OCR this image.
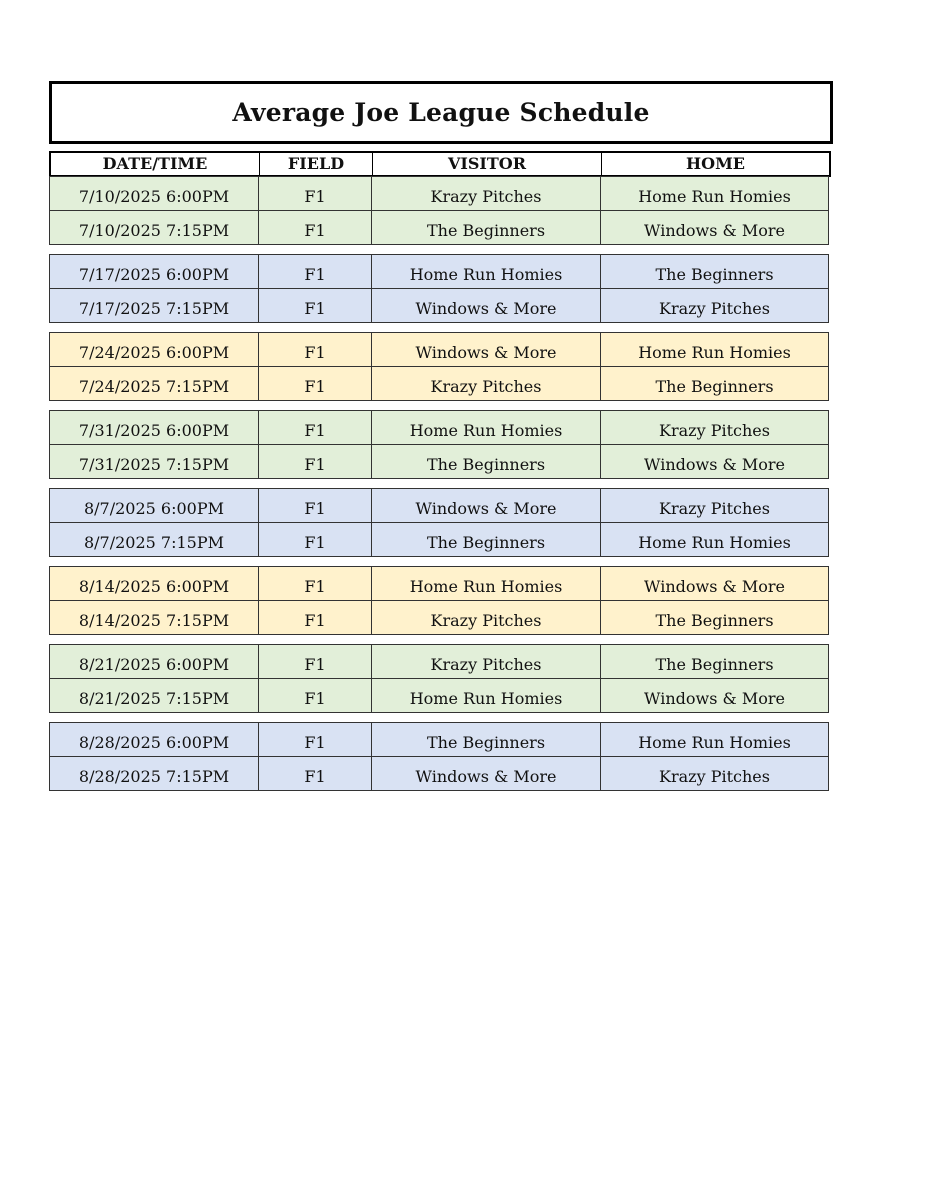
Average Joe League Schedule
DATE/TIME	FIELD	VISITOR	HOME
7/10/2025 6:00PM	F1	Krazy Pitches	Home Run Homies
7/10/2025 7:15PM	F1	The Beginners	Windows & More
7/17/2025 6:00PM	F1	Home Run Homies	The Beginners
7/17/2025 7:15PM	F1	Windows & More	Krazy Pitches
7/24/2025 6:00PM	F1	Windows & More	Home Run Homies
7/24/2025 7:15PM	F1	Krazy Pitches	The Beginners
7/31/2025 6:00PM	F1	Home Run Homies	Krazy Pitches
7/31/2025 7:15PM	F1	The Beginners	Windows & More
8/7/2025 6:00PM	F1	Windows & More	Krazy Pitches
8/7/2025 7:15PM	F1	The Beginners	Home Run Homies
8/14/2025 6:00PM	F1	Home Run Homies	Windows & More
8/14/2025 7:15PM	F1	Krazy Pitches	The Beginners
8/21/2025 6:00PM	F1	Krazy Pitches	The Beginners
8/21/2025 7:15PM	F1	Home Run Homies	Windows & More
8/28/2025 6:00PM	F1	The Beginners	Home Run Homies
8/28/2025 7:15PM	F1	Windows & More	Krazy Pitches
